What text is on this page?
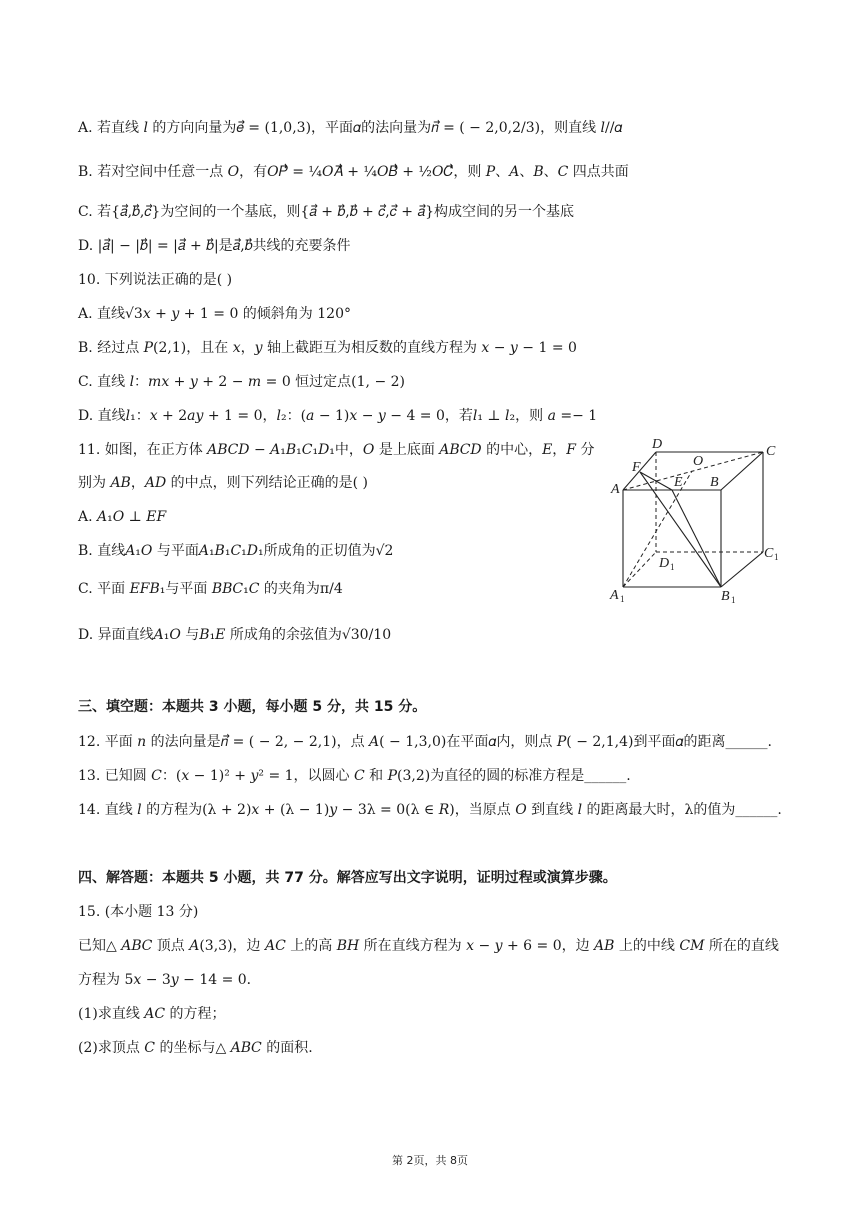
A. 若直线 𝑙 的方向向量为𝑒⃗ = (1,0,3)，平面𝛼的法向量为𝑛⃗ = ( − 2,0,2/3)，则直线 𝑙//𝛼
B. 若对空间中任意一点 𝑂，有𝑂𝑃⃗⃗⃗⃗ = ¼𝑂𝐴⃗⃗⃗⃗ + ¼𝑂𝐵⃗⃗⃗⃗ + ½𝑂𝐶⃗⃗⃗⃗，则 𝑃、𝐴、𝐵、𝐶 四点共面
C. 若{𝑎⃗,𝑏⃗,𝑐⃗}为空间的一个基底，则{𝑎⃗ + 𝑏⃗,𝑏⃗ + 𝑐⃗,𝑐⃗ + 𝑎⃗}构成空间的另一个基底
D. |𝑎⃗| − |𝑏⃗| = |𝑎⃗ + 𝑏⃗|是𝑎⃗,𝑏⃗共线的充要条件
10. 下列说法正确的是( )
A. 直线√3𝑥 + 𝑦 + 1 = 0 的倾斜角为 120°
B. 经过点 𝑃(2,1)，且在 𝑥，𝑦 轴上截距互为相反数的直线方程为 𝑥 − 𝑦 − 1 = 0
C. 直线 𝑙：𝑚𝑥 + 𝑦 + 2 − 𝑚 = 0 恒过定点(1, − 2)
D. 直线𝑙₁：𝑥 + 2𝑎𝑦 + 1 = 0，𝑙₂：(𝑎 − 1)𝑥 − 𝑦 − 4 = 0，若𝑙₁ ⊥ 𝑙₂，则 𝑎 =− 1
11. 如图，在正方体 𝐴𝐵𝐶𝐷 − 𝐴₁𝐵₁𝐶₁𝐷₁中，𝑂 是上底面 𝐴𝐵𝐶𝐷 的中心，𝐸，𝐹 分
别为 𝐴𝐵，𝐴𝐷 的中点，则下列结论正确的是( )
A. 𝐴₁𝑂 ⊥ 𝐸𝐹
B. 直线𝐴₁𝑂 与平面𝐴₁𝐵₁𝐶₁𝐷₁所成角的正切值为√2
C. 平面 𝐸𝐹𝐵₁与平面 𝐵𝐵𝐶₁𝐶 的夹角为π/4
D. 异面直线𝐴₁𝑂 与𝐵₁𝐸 所成角的余弦值为√30/10
D	C
F	O
A	E B
D 1
C 1
A 1	B 1
三、填空题：本题共 3 小题，每小题 5 分，共 15 分。
12. 平面 𝑛 的法向量是𝑛⃗ = ( − 2, − 2,1)，点 𝐴( − 1,3,0)在平面𝛼内，则点 𝑃( − 2,1,4)到平面𝛼的距离______.
13. 已知圆 𝐶：(𝑥 − 1)² + 𝑦² = 1，以圆心 𝐶 和 𝑃(3,2)为直径的圆的标准方程是______.
14. 直线 𝑙 的方程为(λ + 2)𝑥 + (λ − 1)𝑦 − 3λ = 0(λ ∈ 𝑅)，当原点 𝑂 到直线 𝑙 的距离最大时，λ的值为______.
四、解答题：本题共 5 小题，共 77 分。解答应写出文字说明，证明过程或演算步骤。
15. (本小题 13 分)
已知△ 𝐴𝐵𝐶 顶点 𝐴(3,3)，边 𝐴𝐶 上的高 𝐵𝐻 所在直线方程为 𝑥 − 𝑦 + 6 = 0，边 𝐴𝐵 上的中线 𝐶𝑀 所在的直线
方程为 5𝑥 − 3𝑦 − 14 = 0．
(1)求直线 𝐴𝐶 的方程；
(2)求顶点 𝐶 的坐标与△ 𝐴𝐵𝐶 的面积.
第 2页，共 8页
